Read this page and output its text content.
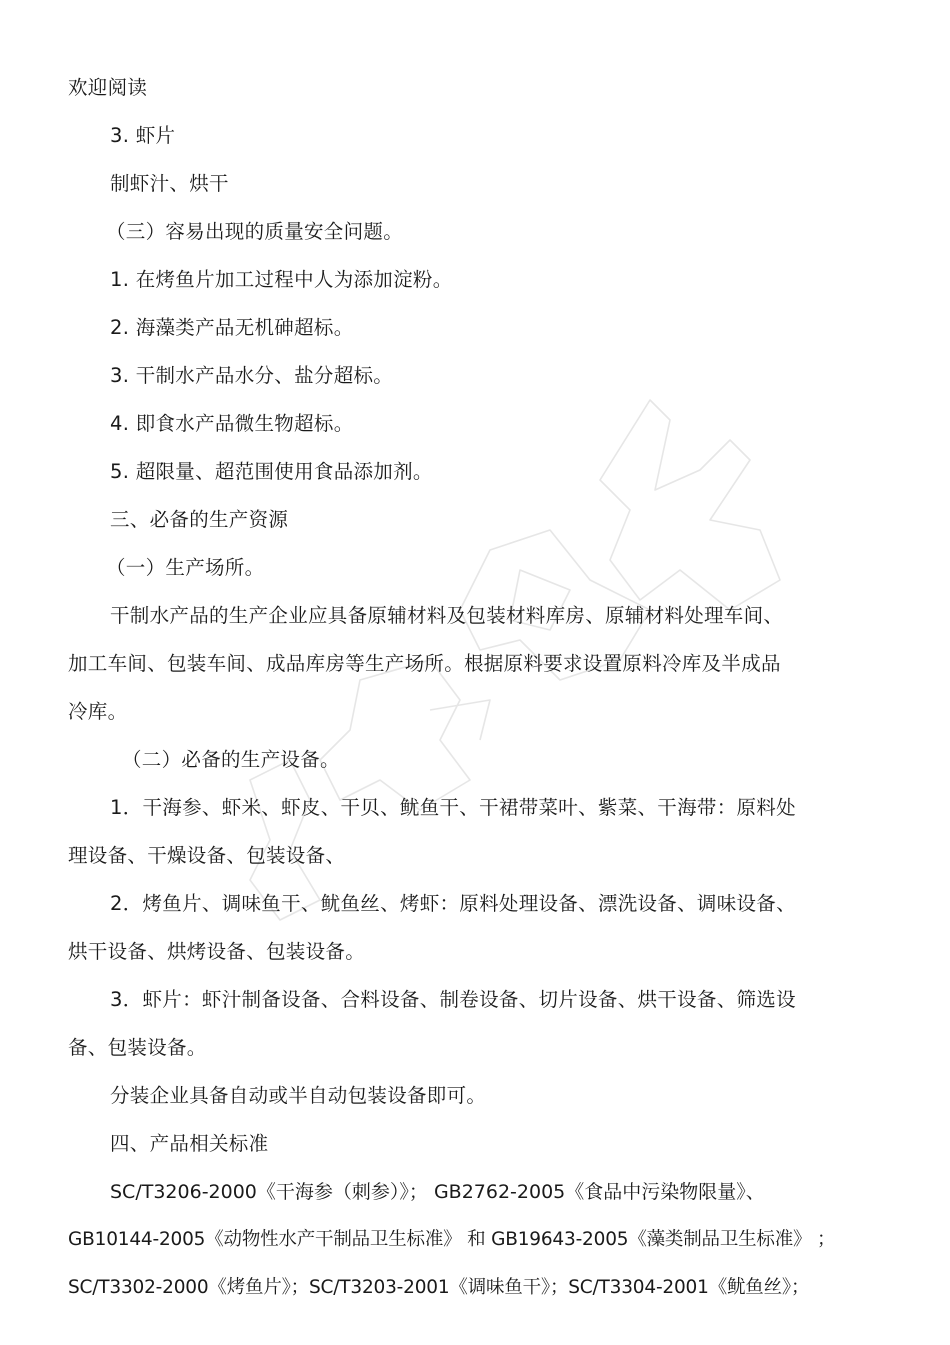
欢迎阅读
3. 虾片
制虾汁、烘干
（三）容易出现的质量安全问题。
1. 在烤鱼片加工过程中人为添加淀粉。
2. 海藻类产品无机砷超标。
3. 干制水产品水分、盐分超标。
4. 即食水产品微生物超标。
5. 超限量、超范围使用食品添加剂。
三、必备的生产资源
（一）生产场所。
干制水产品的生产企业应具备原辅材料及包装材料库房、原辅材料处理车间、
加工车间、包装车间、成品库房等生产场所。根据原料要求设置原料冷库及半成品
冷库。
（二）必备的生产设备。
1．干海参、虾米、虾皮、干贝、鱿鱼干、干裙带菜叶、紫菜、干海带：原料处
理设备、干燥设备、包装设备、
2．烤鱼片、调味鱼干、鱿鱼丝、烤虾：原料处理设备、漂洗设备、调味设备、
烘干设备、烘烤设备、包装设备。
3．虾片：虾汁制备设备、合料设备、制卷设备、切片设备、烘干设备、筛选设
备、包装设备。
分装企业具备自动或半自动包装设备即可。
四、产品相关标准
SC/T3206-2000《干海参（刺参）》； GB2762-2005《食品中污染物限量》、
GB10144-2005《动物性水产干制品卫生标准》 和 GB19643-2005《藻类制品卫生标准》 ；
SC/T3302-2000《烤鱼片》；SC/T3203-2001《调味鱼干》；SC/T3304-2001《鱿鱼丝》；
